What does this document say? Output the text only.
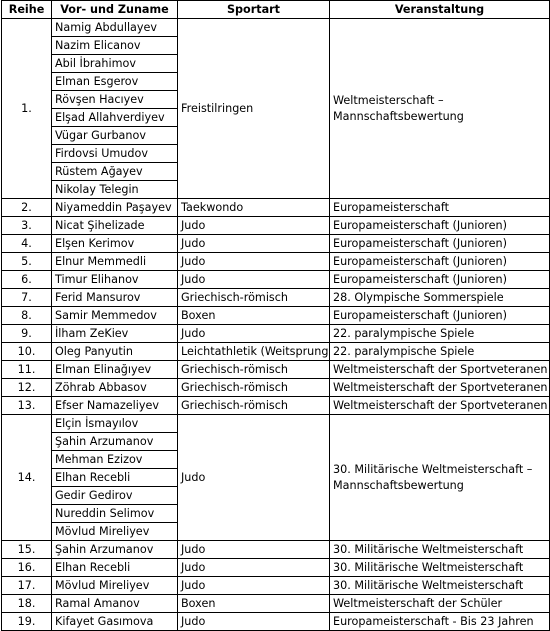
Reihe	Vor- und Zuname	Sportart	Veranstaltung
1.	Namig Abdullayev	Freistilringen	Weltmeisterschaft – Mannschaftsbewertung
	Nazim Elicanov		
	Abil İbrahimov		
	Elman Esgerov		
	Rövşen Hacıyev		
	Elşad Allahverdiyev		
	Vügar Gurbanov		
	Firdovsi Umudov		
	Rüstem Ağayev		
	Nikolay Telegin		
2.	Niyameddin Paşayev	Taekwondo	Europameisterschaft
3.	Nicat Şihelizade	Judo	Europameisterschaft (Junioren)
4.	Elşen Kerimov	Judo	Europameisterschaft (Junioren)
5.	Elnur Memmedli	Judo	Europameisterschaft (Junioren)
6.	Timur Elihanov	Judo	Europameisterschaft (Junioren)
7.	Ferid Mansurov	Griechisch-römisch	28. Olympische Sommerspiele
8.	Samir Memmedov	Boxen	Europameisterschaft (Junioren)
9.	İlham ZeKiev	Judo	22. paralympische Spiele
10.	Oleg Panyutin	Leichtathletik (Weitsprung	22. paralympische Spiele
11.	Elman Elinağıyev	Griechisch-römisch	Weltmeisterschaft der Sportveteranen
12.	Zöhrab Abbasov	Griechisch-römisch	Weltmeisterschaft der Sportveteranen
13.	Efser Namazeliyev	Griechisch-römisch	Weltmeisterschaft der Sportveteranen
14.	Elçin İsmayılov	Judo	30. Militärische Weltmeisterschaft – Mannschaftsbewertung
	Şahin Arzumanov		
	Mehman Ezizov		
	Elhan Recebli		
	Gedir Gedirov		
	Nureddin Selimov		
	Mövlud Mireliyev		
15.	Şahin Arzumanov	Judo	30. Militärische Weltmeisterschaft
16.	Elhan Recebli	Judo	30. Militärische Weltmeisterschaft
17.	Mövlud Mireliyev	Judo	30. Militärische Weltmeisterschaft
18.	Ramal Amanov	Boxen	Weltmeisterschaft der Schüler
19.	Kifayet Gasımova	Judo	Europameisterschaft - Bis 23 Jahren
